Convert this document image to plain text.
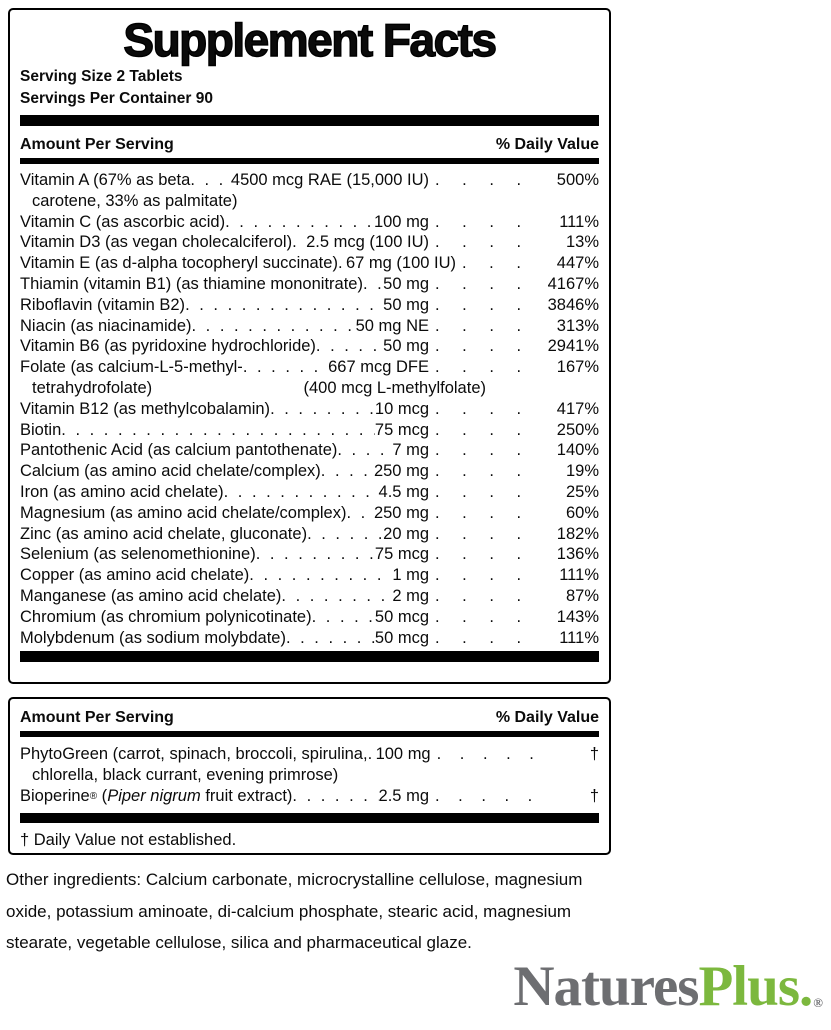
Supplement Facts
Serving Size 2 Tablets
Servings Per Container 90
Amount Per Serving	% Daily Value
Vitamin A (67% as beta . . . 4500 mcg RAE (15,000 IU) . . .	500%
carotene, 33% as palmitate)
Vitamin C (as ascorbic acid) . . .	100 mg . . .	111%
Vitamin D3 (as vegan cholecalciferol) . . . 2.5 mcg (100 IU) . . .	13%
Vitamin E (as d-alpha tocopheryl succinate) . . . 67 mg (100 IU) . . .	447%
Thiamin (vitamin B1) (as thiamine mononitrate) . . . 50 mg . . .	4167%
Riboflavin (vitamin B2) . . .	50 mg . . .	3846%
Niacin (as niacinamide) . . .	50 mg NE . . .	313%
Vitamin B6 (as pyridoxine hydrochloride) . . .	50 mg . . .	2941%
Folate (as calcium-L-5-methyl- . . .	667 mcg DFE . . .	167%
tetrahydrofolate)	(400 mcg L-methylfolate)
Vitamin B12 (as methylcobalamin) . . .	10 mcg . . .	417%
Biotin . . .	75 mcg . . .	250%
Pantothenic Acid (as calcium pantothenate) . . .	7 mg . . .	140%
Calcium (as amino acid chelate/complex) . . .	250 mg . . .	19%
Iron (as amino acid chelate) . . .	4.5 mg . . .	25%
Magnesium (as amino acid chelate/complex) . . . 250 mg . . .	60%
Zinc (as amino acid chelate, gluconate) . . .	20 mg . . .	182%
Selenium (as selenomethionine) . . .	75 mcg . . .	136%
Copper (as amino acid chelate) . . .	1 mg . . .	111%
Manganese (as amino acid chelate) . . .	2 mg . . .	87%
Chromium (as chromium polynicotinate) . . .	50 mcg . . .	143%
Molybdenum (as sodium molybdate) . . .	50 mcg . . .	111%
Amount Per Serving	% Daily Value
PhytoGreen (carrot, spinach, broccoli, spirulina, . . . 100 mg . . .	†
chlorella, black currant, evening primrose)
Bioperine® (Piper nigrum fruit extract) . . .	2.5 mg . . .	†
† Daily Value not established.
Other ingredients: Calcium carbonate, microcrystalline cellulose, magnesium oxide, potassium aminoate, di-calcium phosphate, stearic acid, magnesium stearate, vegetable cellulose, silica and pharmaceutical glaze.
NaturesPlus.®
